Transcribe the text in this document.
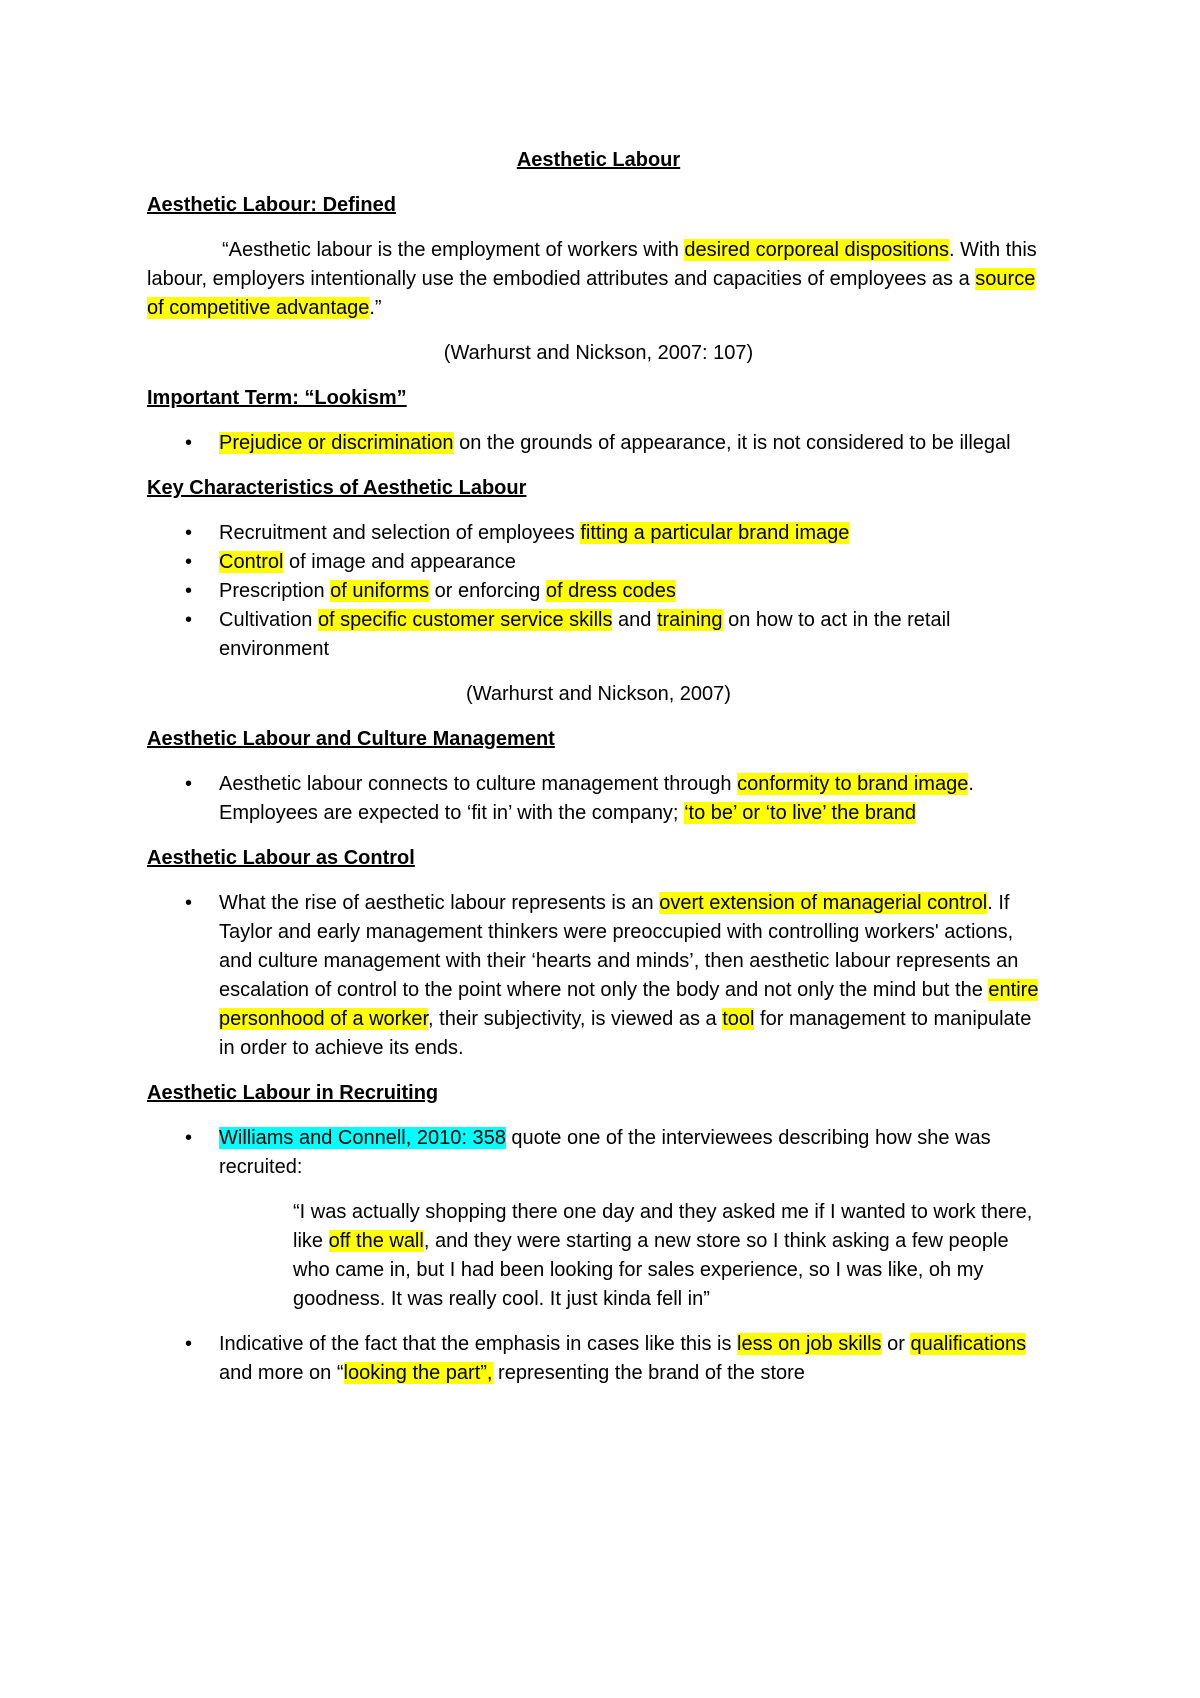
Aesthetic Labour
Aesthetic Labour: Defined

“Aesthetic labour is the employment of workers with desired corporeal dispositions. With this labour, employers intentionally use the embodied attributes and capacities of employees as a source of competitive advantage.”

(Warhurst and Nickson, 2007: 107)
Important Term: “Lookism”
• Prejudice or discrimination on the grounds of appearance, it is not considered to be illegal
Key Characteristics of Aesthetic Labour
• Recruitment and selection of employees fitting a particular brand image
• Control of image and appearance
• Prescription of uniforms or enforcing of dress codes
• Cultivation of specific customer service skills and training on how to act in the retail environment
(Warhurst and Nickson, 2007)
Aesthetic Labour and Culture Management
• Aesthetic labour connects to culture management through conformity to brand image. Employees are expected to ‘fit in’ with the company; ‘to be’ or ‘to live’ the brand
Aesthetic Labour as Control
• What the rise of aesthetic labour represents is an overt extension of managerial control. If Taylor and early management thinkers were preoccupied with controlling workers' actions, and culture management with their ‘hearts and minds’, then aesthetic labour represents an escalation of control to the point where not only the body and not only the mind but the entire personhood of a worker, their subjectivity, is viewed as a tool for management to manipulate in order to achieve its ends.
Aesthetic Labour in Recruiting
• Williams and Connell, 2010: 358 quote one of the interviewees describing how she was recruited:

“I was actually shopping there one day and they asked me if I wanted to work there, like off the wall, and they were starting a new store so I think asking a few people who came in, but I had been looking for sales experience, so I was like, oh my goodness. It was really cool. It just kinda fell in”

• Indicative of the fact that the emphasis in cases like this is less on job skills or qualifications and more on “looking the part”, representing the brand of the store
